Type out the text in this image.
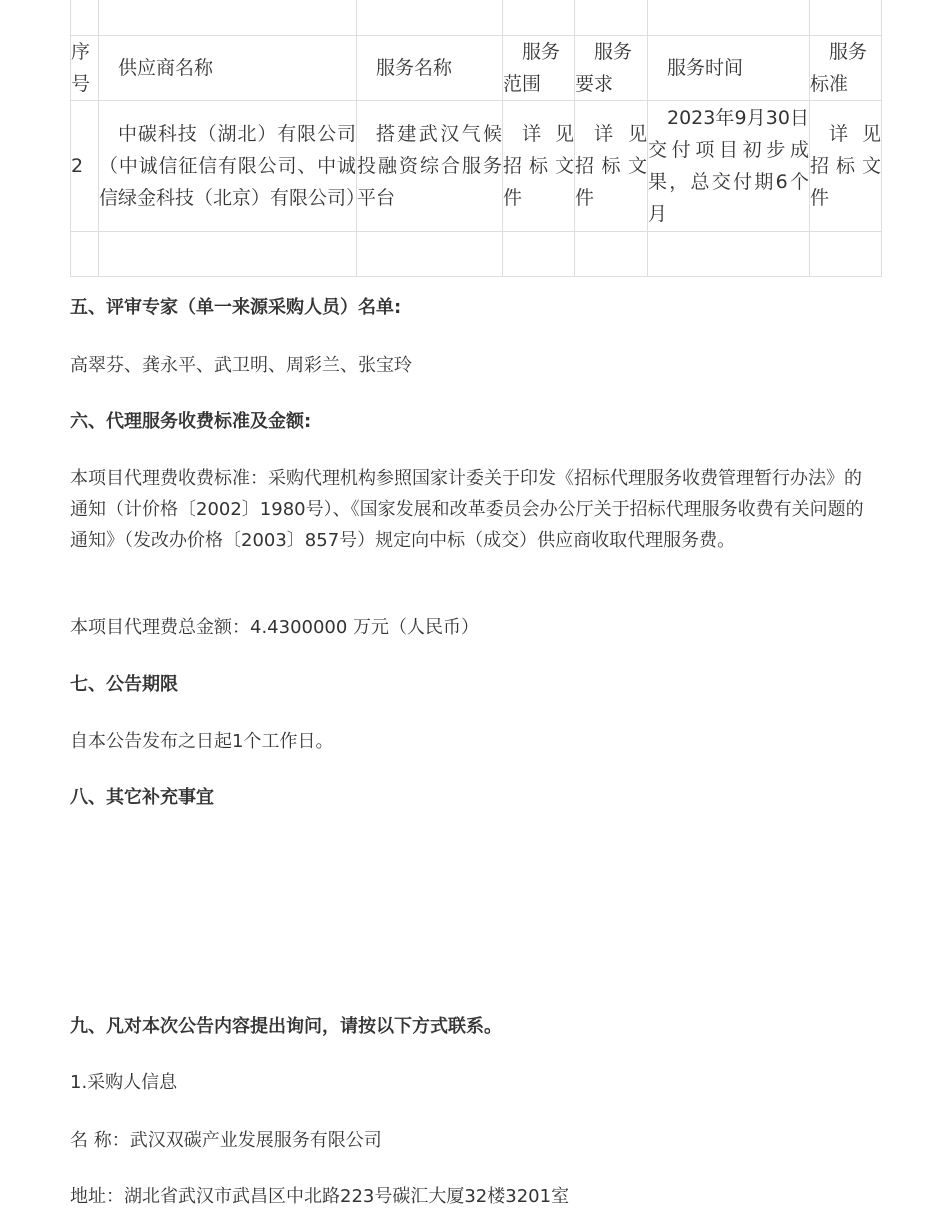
序号	供应商名称	服务名称	服务范围	服务要求	服务时间	服务标准
2	中碳科技（湖北）有限公司（中诚信征信有限公司、中诚信绿金科技（北京）有限公司）	搭建武汉气候投融资综合服务平台	详见招标文件	详见招标文件	2023年9月30日交付项目初步成果，总交付期6个月	详见招标文件

五、评审专家（单一来源采购人员）名单:

高翠芬、龚永平、武卫明、周彩兰、张宝玲

六、代理服务收费标准及金额:

本项目代理费收费标准：采购代理机构参照国家计委关于印发《招标代理服务收费管理暂行办法》的通知（计价格〔2002〕1980号）、《国家发展和改革委员会办公厅关于招标代理服务收费有关问题的通知》（发改办价格〔2003〕857号）规定向中标（成交）供应商收取代理服务费。

本项目代理费总金额：4.4300000 万元（人民币）

七、公告期限

自本公告发布之日起1个工作日。

八、其它补充事宜

九、凡对本次公告内容提出询问，请按以下方式联系。

1.采购人信息

名 称：武汉双碳产业发展服务有限公司

地址：湖北省武汉市武昌区中北路223号碳汇大厦32楼3201室
